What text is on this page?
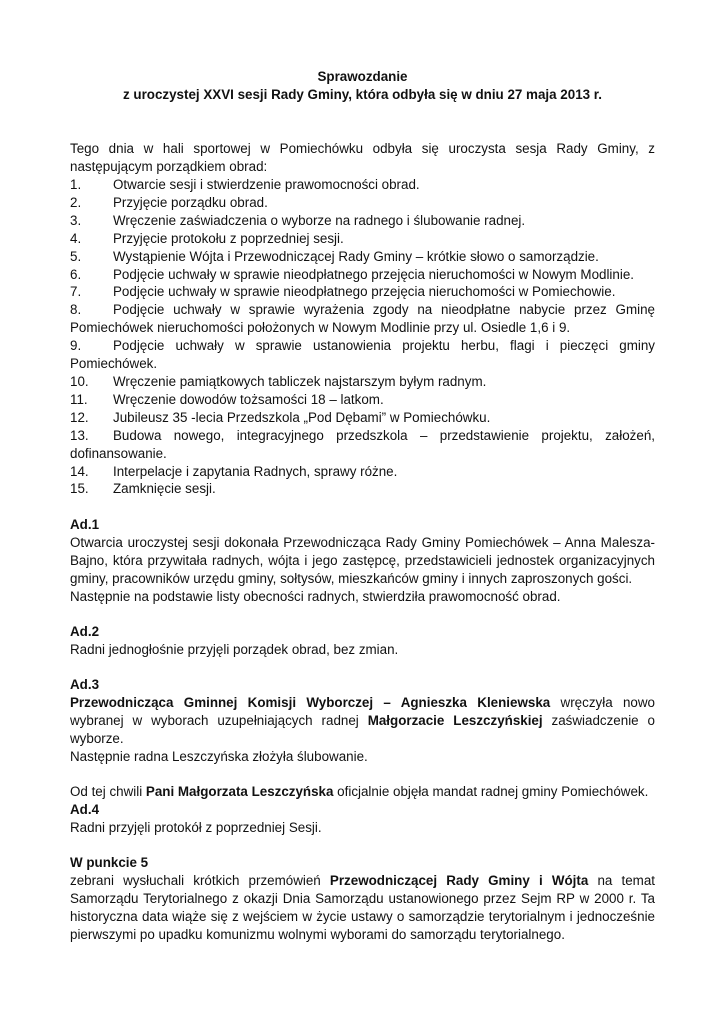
Sprawozdanie
z uroczystej XXVI sesji Rady Gminy, która odbyła się w dniu 27 maja 2013 r.
Tego dnia w hali sportowej w Pomiechówku odbyła się uroczysta sesja Rady Gminy, z następującym porządkiem obrad:
1. Otwarcie sesji i stwierdzenie prawomocności obrad.
2. Przyjęcie porządku obrad.
3. Wręczenie zaświadczenia o wyborze na radnego i ślubowanie radnej.
4. Przyjęcie protokołu z poprzedniej sesji.
5. Wystąpienie Wójta i Przewodniczącej Rady Gminy – krótkie słowo o samorządzie.
6. Podjęcie uchwały w sprawie nieodpłatnego przejęcia nieruchomości w Nowym Modlinie.
7. Podjęcie uchwały w sprawie nieodpłatnego przejęcia nieruchomości w Pomiechowie.
8. Podjęcie uchwały w sprawie wyrażenia zgody na nieodpłatne nabycie przez Gminę Pomiechówek nieruchomości położonych w Nowym Modlinie przy ul. Osiedle 1,6 i 9.
9. Podjęcie uchwały w sprawie ustanowienia projektu herbu, flagi i pieczęci gminy Pomiechówek.
10. Wręczenie pamiątkowych tabliczek najstarszym byłym radnym.
11. Wręczenie dowodów tożsamości 18 – latkom.
12. Jubileusz 35 -lecia Przedszkola „Pod Dębami” w Pomiechówku.
13. Budowa nowego, integracyjnego przedszkola – przedstawienie projektu, założeń, dofinansowanie.
14. Interpelacje i zapytania Radnych, sprawy różne.
15. Zamknięcie sesji.

Ad.1

Otwarcia uroczystej sesji dokonała Przewodnicząca Rady Gminy Pomiechówek – Anna Malesza-Bajno, która przywitała radnych, wójta i jego zastępcę, przedstawicieli jednostek organizacyjnych gminy, pracowników urzędu gminy, sołtysów, mieszkańców gminy i innych zaproszonych gości.

Następnie na podstawie listy obecności radnych, stwierdziła prawomocność obrad.

Ad.2

Radni jednogłośnie przyjęli porządek obrad, bez zmian.

Ad.3

Przewodnicząca Gminnej Komisji Wyborczej – Agnieszka Kleniewska wręczyła nowo wybranej w wyborach uzupełniających radnej Małgorzacie Leszczyńskiej zaświadczenie o wyborze.

Następnie radna Leszczyńska złożyła ślubowanie.

Od tej chwili Pani Małgorzata Leszczyńska oficjalnie objęła mandat radnej gminy Pomiechówek.

Ad.4

Radni przyjęli protokół z poprzedniej Sesji.

W punkcie 5

zebrani wysłuchali krótkich przemówień Przewodniczącej Rady Gminy i Wójta na temat Samorządu Terytorialnego z okazji Dnia Samorządu ustanowionego przez Sejm RP w 2000 r. Ta historyczna data wiąże się z wejściem w życie ustawy o samorządzie terytorialnym i jednocześnie pierwszymi po upadku komunizmu wolnymi wyborami do samorządu terytorialnego.
